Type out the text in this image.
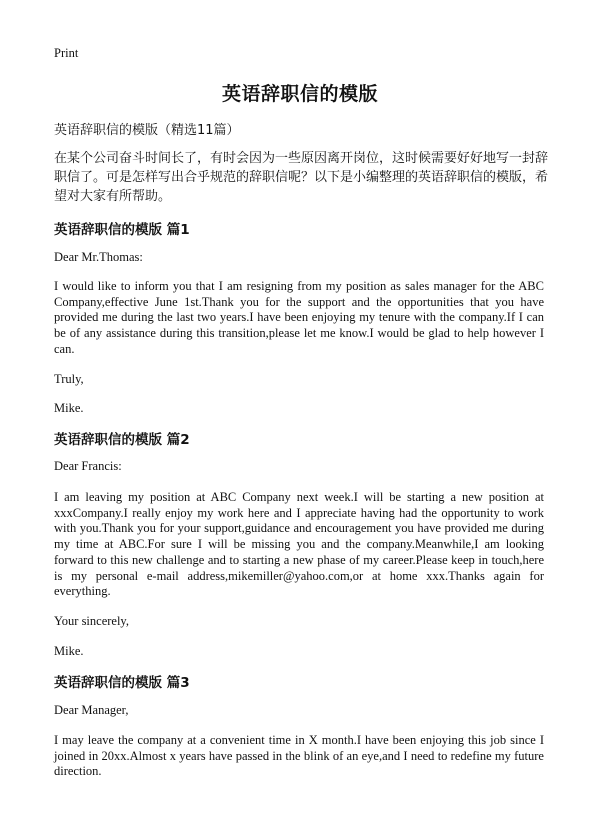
Print
英语辞职信的模版
英语辞职信的模版（精选11篇）
在某个公司奋斗时间长了，有时会因为一些原因离开岗位，这时候需要好好地写一封辞职信了。可是怎样写出合乎规范的辞职信呢？以下是小编整理的英语辞职信的模版，希望对大家有所帮助。
英语辞职信的模版 篇1
Dear Mr.Thomas:
I would like to inform you that I am resigning from my position as sales manager for the ABC Company,effective June 1st.Thank you for the support and the opportunities that you have provided me during the last two years.I have been enjoying my tenure with the company.If I can be of any assistance during this transition,please let me know.I would be glad to help however I can.
Truly,
Mike.
英语辞职信的模版 篇2
Dear Francis:
I am leaving my position at ABC Company next week.I will be starting a new position at xxxCompany.I really enjoy my work here and I appreciate having had the opportunity to work with you.Thank you for your support,guidance and encouragement you have provided me during my time at ABC.For sure I will be missing you and the company.Meanwhile,I am looking forward to this new challenge and to starting a new phase of my career.Please keep in touch,here is my personal e-mail address,mikemiller@yahoo.com,or at home xxx.Thanks again for everything.
Your sincerely,
Mike.
英语辞职信的模版 篇3
Dear Manager,
I may leave the company at a convenient time in X month.I have been enjoying this job since I joined in 20xx.Almost x years have passed in the blink of an eye,and I need to redefine my future direction.
